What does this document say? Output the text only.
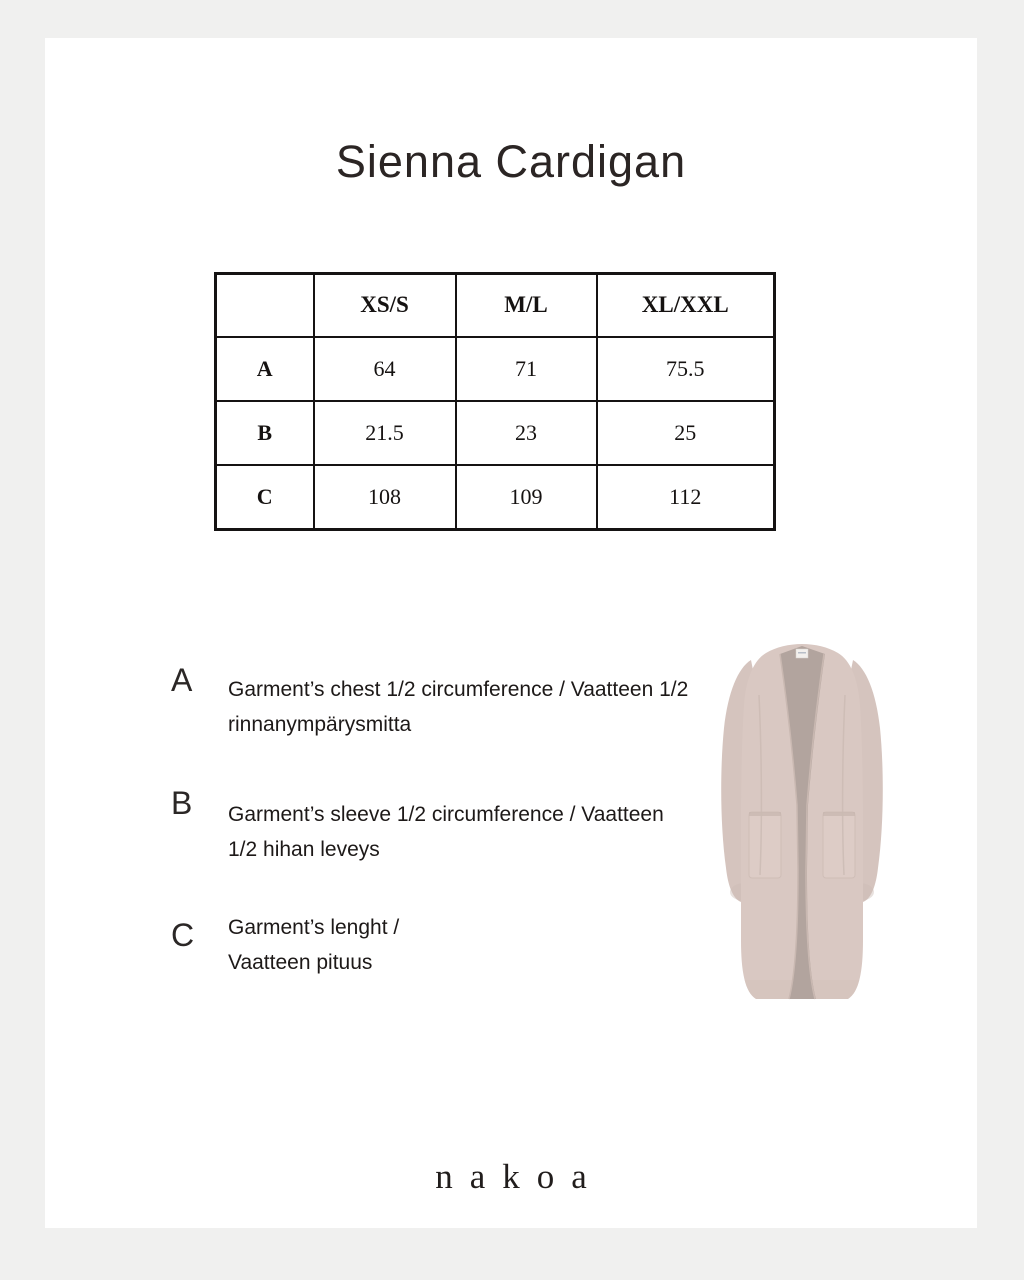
Sienna Cardigan
	XS/S	M/L	XL/XXL
A	64	71	75.5
B	21.5	23	25
C	108	109	112
A Garment’s chest 1/2 circumference / Vaatteen 1/2
rinnanympärysmitta
B Garment’s sleeve 1/2 circumference / Vaatteen
1/2 hihan leveys
C Garment’s lenght /
Vaatteen pituus
nakoa
